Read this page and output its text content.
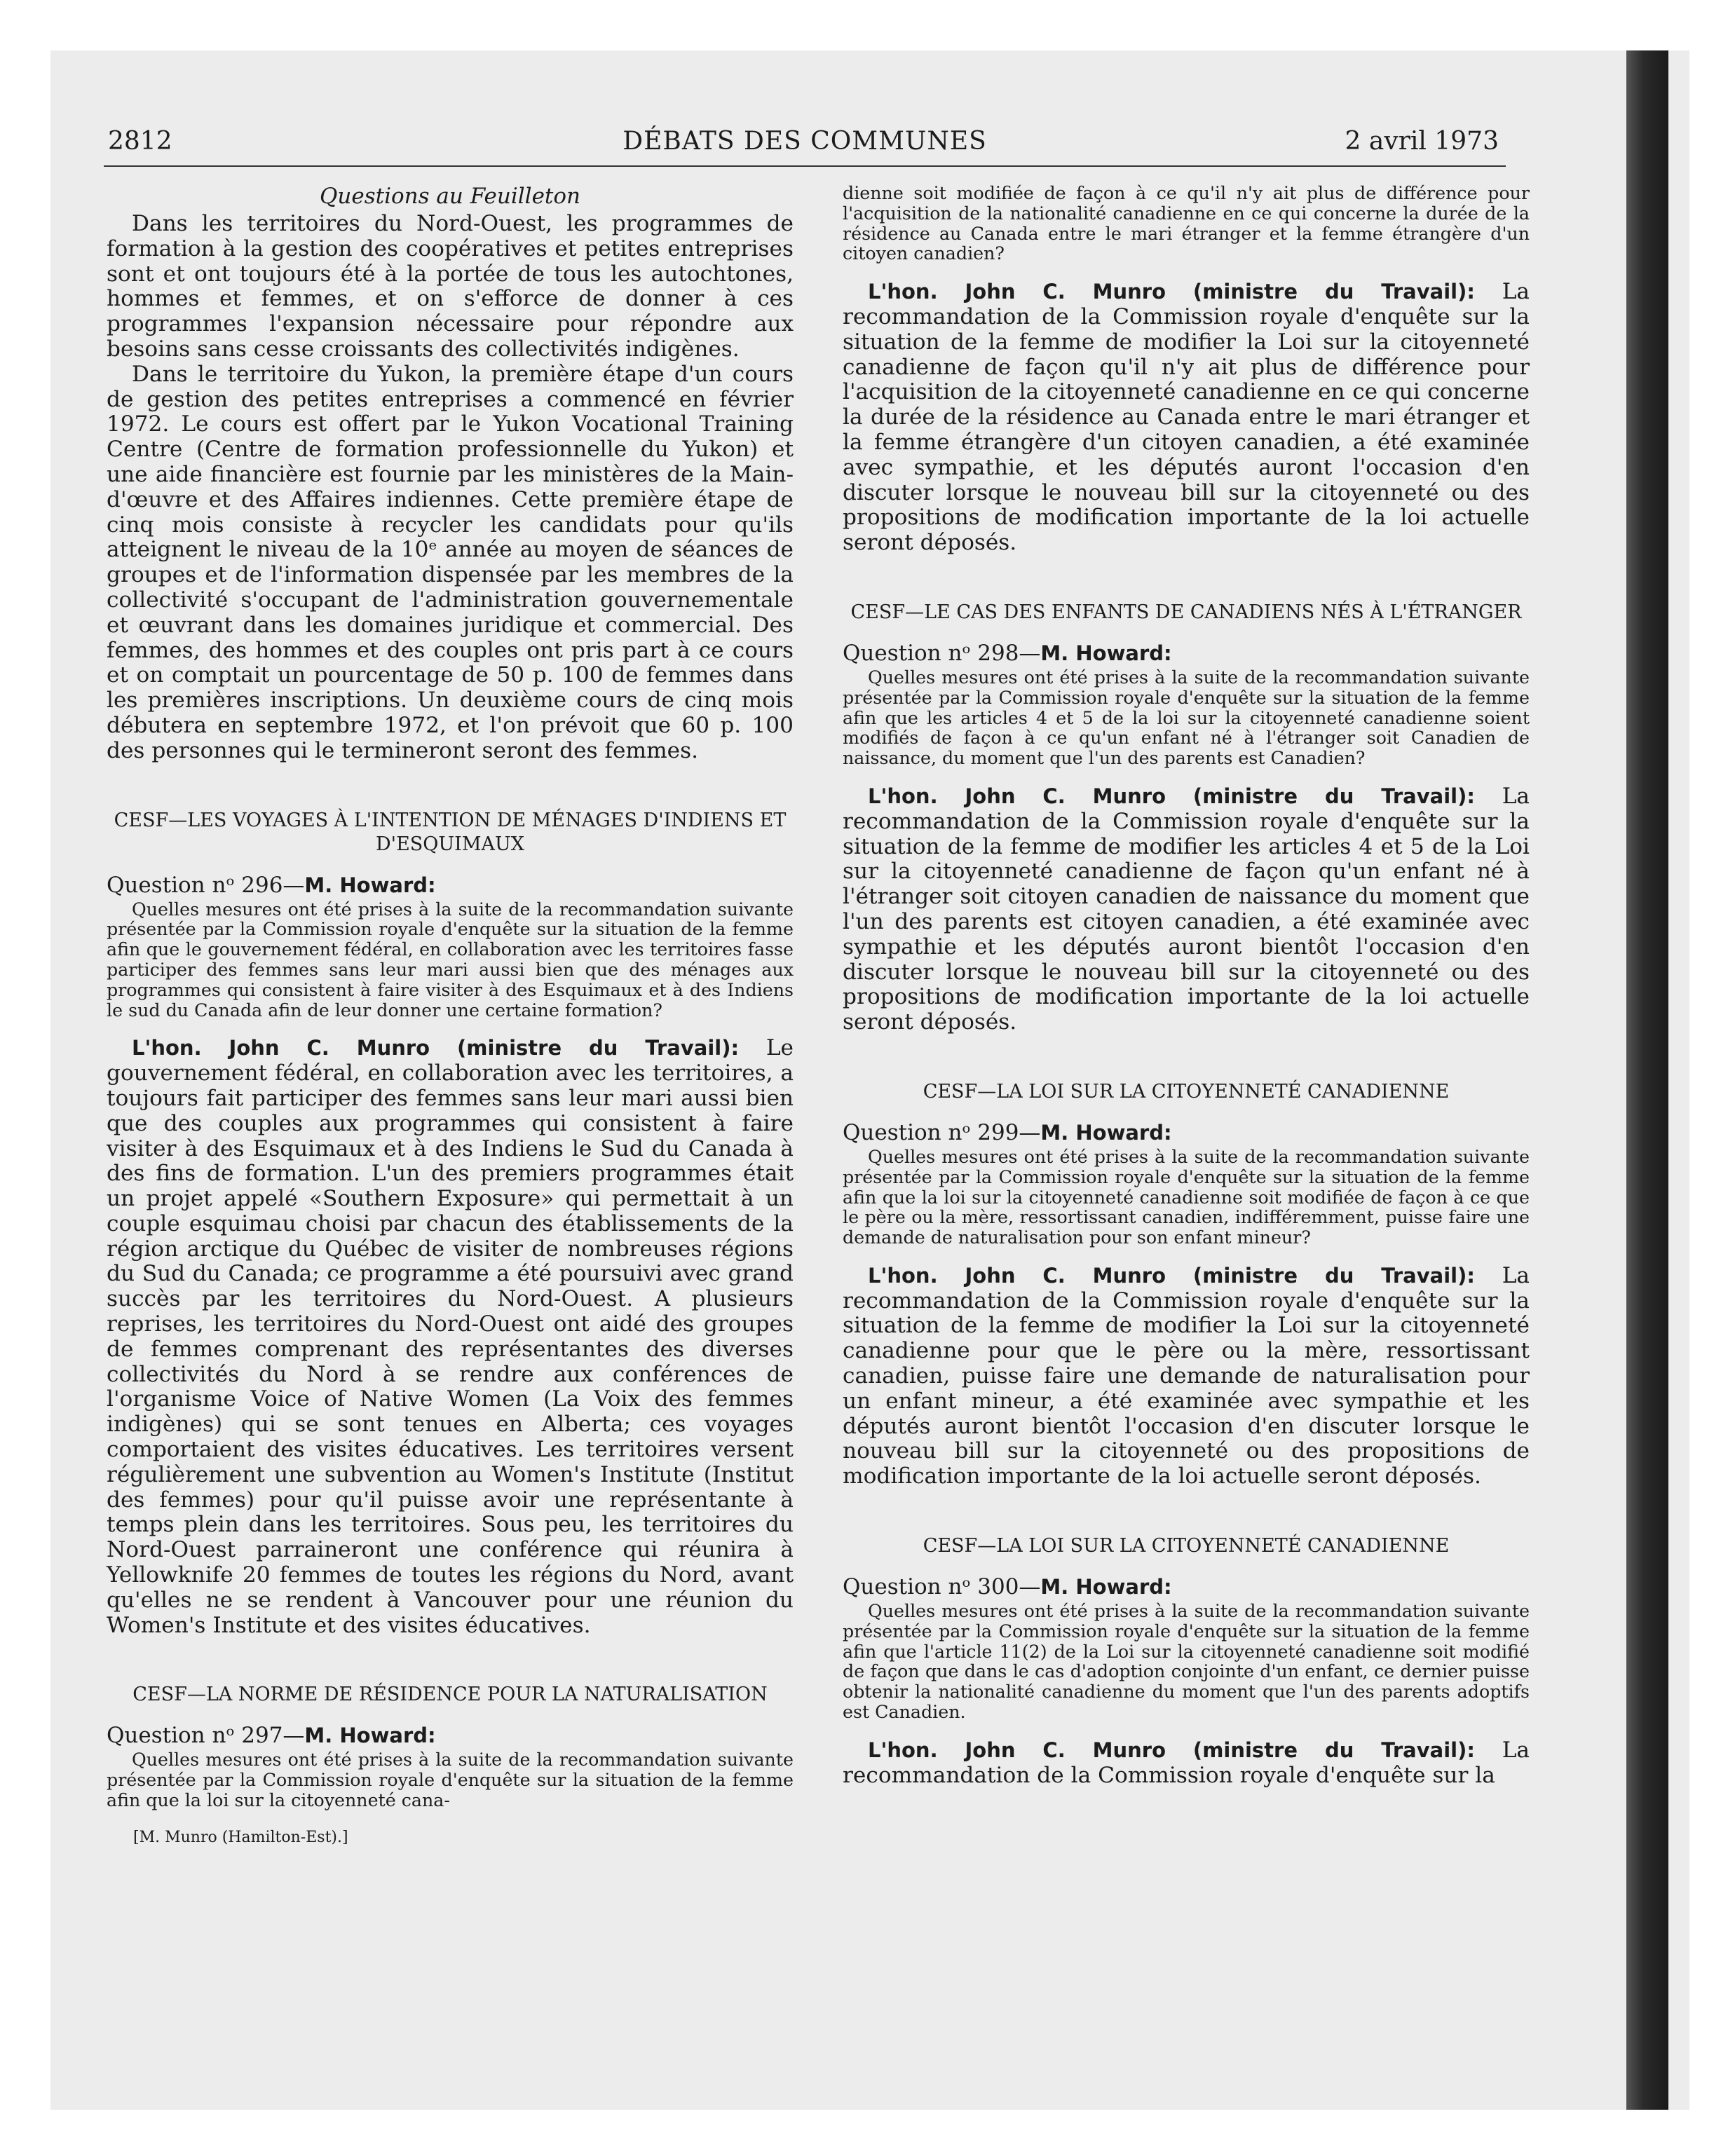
2812	DÉBATS DES COMMUNES	2 avril 1973
Questions au Feuilleton

Dans les territoires du Nord-Ouest, les programmes de formation à la gestion des coopératives et petites entreprises sont et ont toujours été à la portée de tous les autochtones, hommes et femmes, et on s'efforce de donner à ces programmes l'expansion nécessaire pour répondre aux besoins sans cesse croissants des collectivités indigènes.

Dans le territoire du Yukon, la première étape d'un cours de gestion des petites entreprises a commencé en février 1972. Le cours est offert par le Yukon Vocational Training Centre (Centre de formation professionnelle du Yukon) et une aide financière est fournie par les ministères de la Main-d'œuvre et des Affaires indiennes. Cette première étape de cinq mois consiste à recycler les candidats pour qu'ils atteignent le niveau de la 10ᵉ année au moyen de séances de groupes et de l'information dispensée par les membres de la collectivité s'occupant de l'administration gouvernementale et œuvrant dans les domaines juridique et commercial. Des femmes, des hommes et des couples ont pris part à ce cours et on comptait un pourcentage de 50 p. 100 de femmes dans les premières inscriptions. Un deuxième cours de cinq mois débutera en septembre 1972, et l'on prévoit que 60 p. 100 des personnes qui le termineront seront des femmes.

CESF—LES VOYAGES À L'INTENTION DE MÉNAGES D'INDIENS ET D'ESQUIMAUX
Question nᵒ 296—M. Howard:

Quelles mesures ont été prises à la suite de la recommandation suivante présentée par la Commission royale d'enquête sur la situation de la femme afin que le gouvernement fédéral, en collaboration avec les territoires fasse participer des femmes sans leur mari aussi bien que des ménages aux programmes qui consistent à faire visiter à des Esquimaux et à des Indiens le sud du Canada afin de leur donner une certaine formation?

L'hon. John C. Munro (ministre du Travail): Le gouvernement fédéral, en collaboration avec les territoires, a toujours fait participer des femmes sans leur mari aussi bien que des couples aux programmes qui consistent à faire visiter à des Esquimaux et à des Indiens le Sud du Canada à des fins de formation. L'un des premiers programmes était un projet appelé «Southern Exposure» qui permettait à un couple esquimau choisi par chacun des établissements de la région arctique du Québec de visiter de nombreuses régions du Sud du Canada; ce programme a été poursuivi avec grand succès par les territoires du Nord-Ouest. A plusieurs reprises, les territoires du Nord-Ouest ont aidé des groupes de femmes comprenant des représentantes des diverses collectivités du Nord à se rendre aux conférences de l'organisme Voice of Native Women (La Voix des femmes indigènes) qui se sont tenues en Alberta; ces voyages comportaient des visites éducatives. Les territoires versent régulièrement une subvention au Women's Institute (Institut des femmes) pour qu'il puisse avoir une représentante à temps plein dans les territoires. Sous peu, les territoires du Nord-Ouest parraineront une conférence qui réunira à Yellowknife 20 femmes de toutes les régions du Nord, avant qu'elles ne se rendent à Vancouver pour une réunion du Women's Institute et des visites éducatives.

CESF—LA NORME DE RÉSIDENCE POUR LA NATURALISATION
Question nᵒ 297—M. Howard:

Quelles mesures ont été prises à la suite de la recommandation suivante présentée par la Commission royale d'enquête sur la situation de la femme afin que la loi sur la citoyenneté cana-

[M. Munro (Hamilton-Est).]

dienne soit modifiée de façon à ce qu'il n'y ait plus de différence pour l'acquisition de la nationalité canadienne en ce qui concerne la durée de la résidence au Canada entre le mari étranger et la femme étrangère d'un citoyen canadien?

L'hon. John C. Munro (ministre du Travail): La recommandation de la Commission royale d'enquête sur la situation de la femme de modifier la Loi sur la citoyenneté canadienne de façon qu'il n'y ait plus de différence pour l'acquisition de la citoyenneté canadienne en ce qui concerne la durée de la résidence au Canada entre le mari étranger et la femme étrangère d'un citoyen canadien, a été examinée avec sympathie, et les députés auront l'occasion d'en discuter lorsque le nouveau bill sur la citoyenneté ou des propositions de modification importante de la loi actuelle seront déposés.

CESF—LE CAS DES ENFANTS DE CANADIENS NÉS À L'ÉTRANGER
Question nᵒ 298—M. Howard:

Quelles mesures ont été prises à la suite de la recommandation suivante présentée par la Commission royale d'enquête sur la situation de la femme afin que les articles 4 et 5 de la loi sur la citoyenneté canadienne soient modifiés de façon à ce qu'un enfant né à l'étranger soit Canadien de naissance, du moment que l'un des parents est Canadien?

L'hon. John C. Munro (ministre du Travail): La recommandation de la Commission royale d'enquête sur la situation de la femme de modifier les articles 4 et 5 de la Loi sur la citoyenneté canadienne de façon qu'un enfant né à l'étranger soit citoyen canadien de naissance du moment que l'un des parents est citoyen canadien, a été examinée avec sympathie et les députés auront bientôt l'occasion d'en discuter lorsque le nouveau bill sur la citoyenneté ou des propositions de modification importante de la loi actuelle seront déposés.

CESF—LA LOI SUR LA CITOYENNETÉ CANADIENNE
Question nᵒ 299—M. Howard:

Quelles mesures ont été prises à la suite de la recommandation suivante présentée par la Commission royale d'enquête sur la situation de la femme afin que la loi sur la citoyenneté canadienne soit modifiée de façon à ce que le père ou la mère, ressortissant canadien, indifféremment, puisse faire une demande de naturalisation pour son enfant mineur?

L'hon. John C. Munro (ministre du Travail): La recommandation de la Commission royale d'enquête sur la situation de la femme de modifier la Loi sur la citoyenneté canadienne pour que le père ou la mère, ressortissant canadien, puisse faire une demande de naturalisation pour un enfant mineur, a été examinée avec sympathie et les députés auront bientôt l'occasion d'en discuter lorsque le nouveau bill sur la citoyenneté ou des propositions de modification importante de la loi actuelle seront déposés.

CESF—LA LOI SUR LA CITOYENNETÉ CANADIENNE
Question nᵒ 300—M. Howard:

Quelles mesures ont été prises à la suite de la recommandation suivante présentée par la Commission royale d'enquête sur la situation de la femme afin que l'article 11(2) de la Loi sur la citoyenneté canadienne soit modifié de façon que dans le cas d'adoption conjointe d'un enfant, ce dernier puisse obtenir la nationalité canadienne du moment que l'un des parents adoptifs est Canadien.

L'hon. John C. Munro (ministre du Travail): La recommandation de la Commission royale d'enquête sur la
